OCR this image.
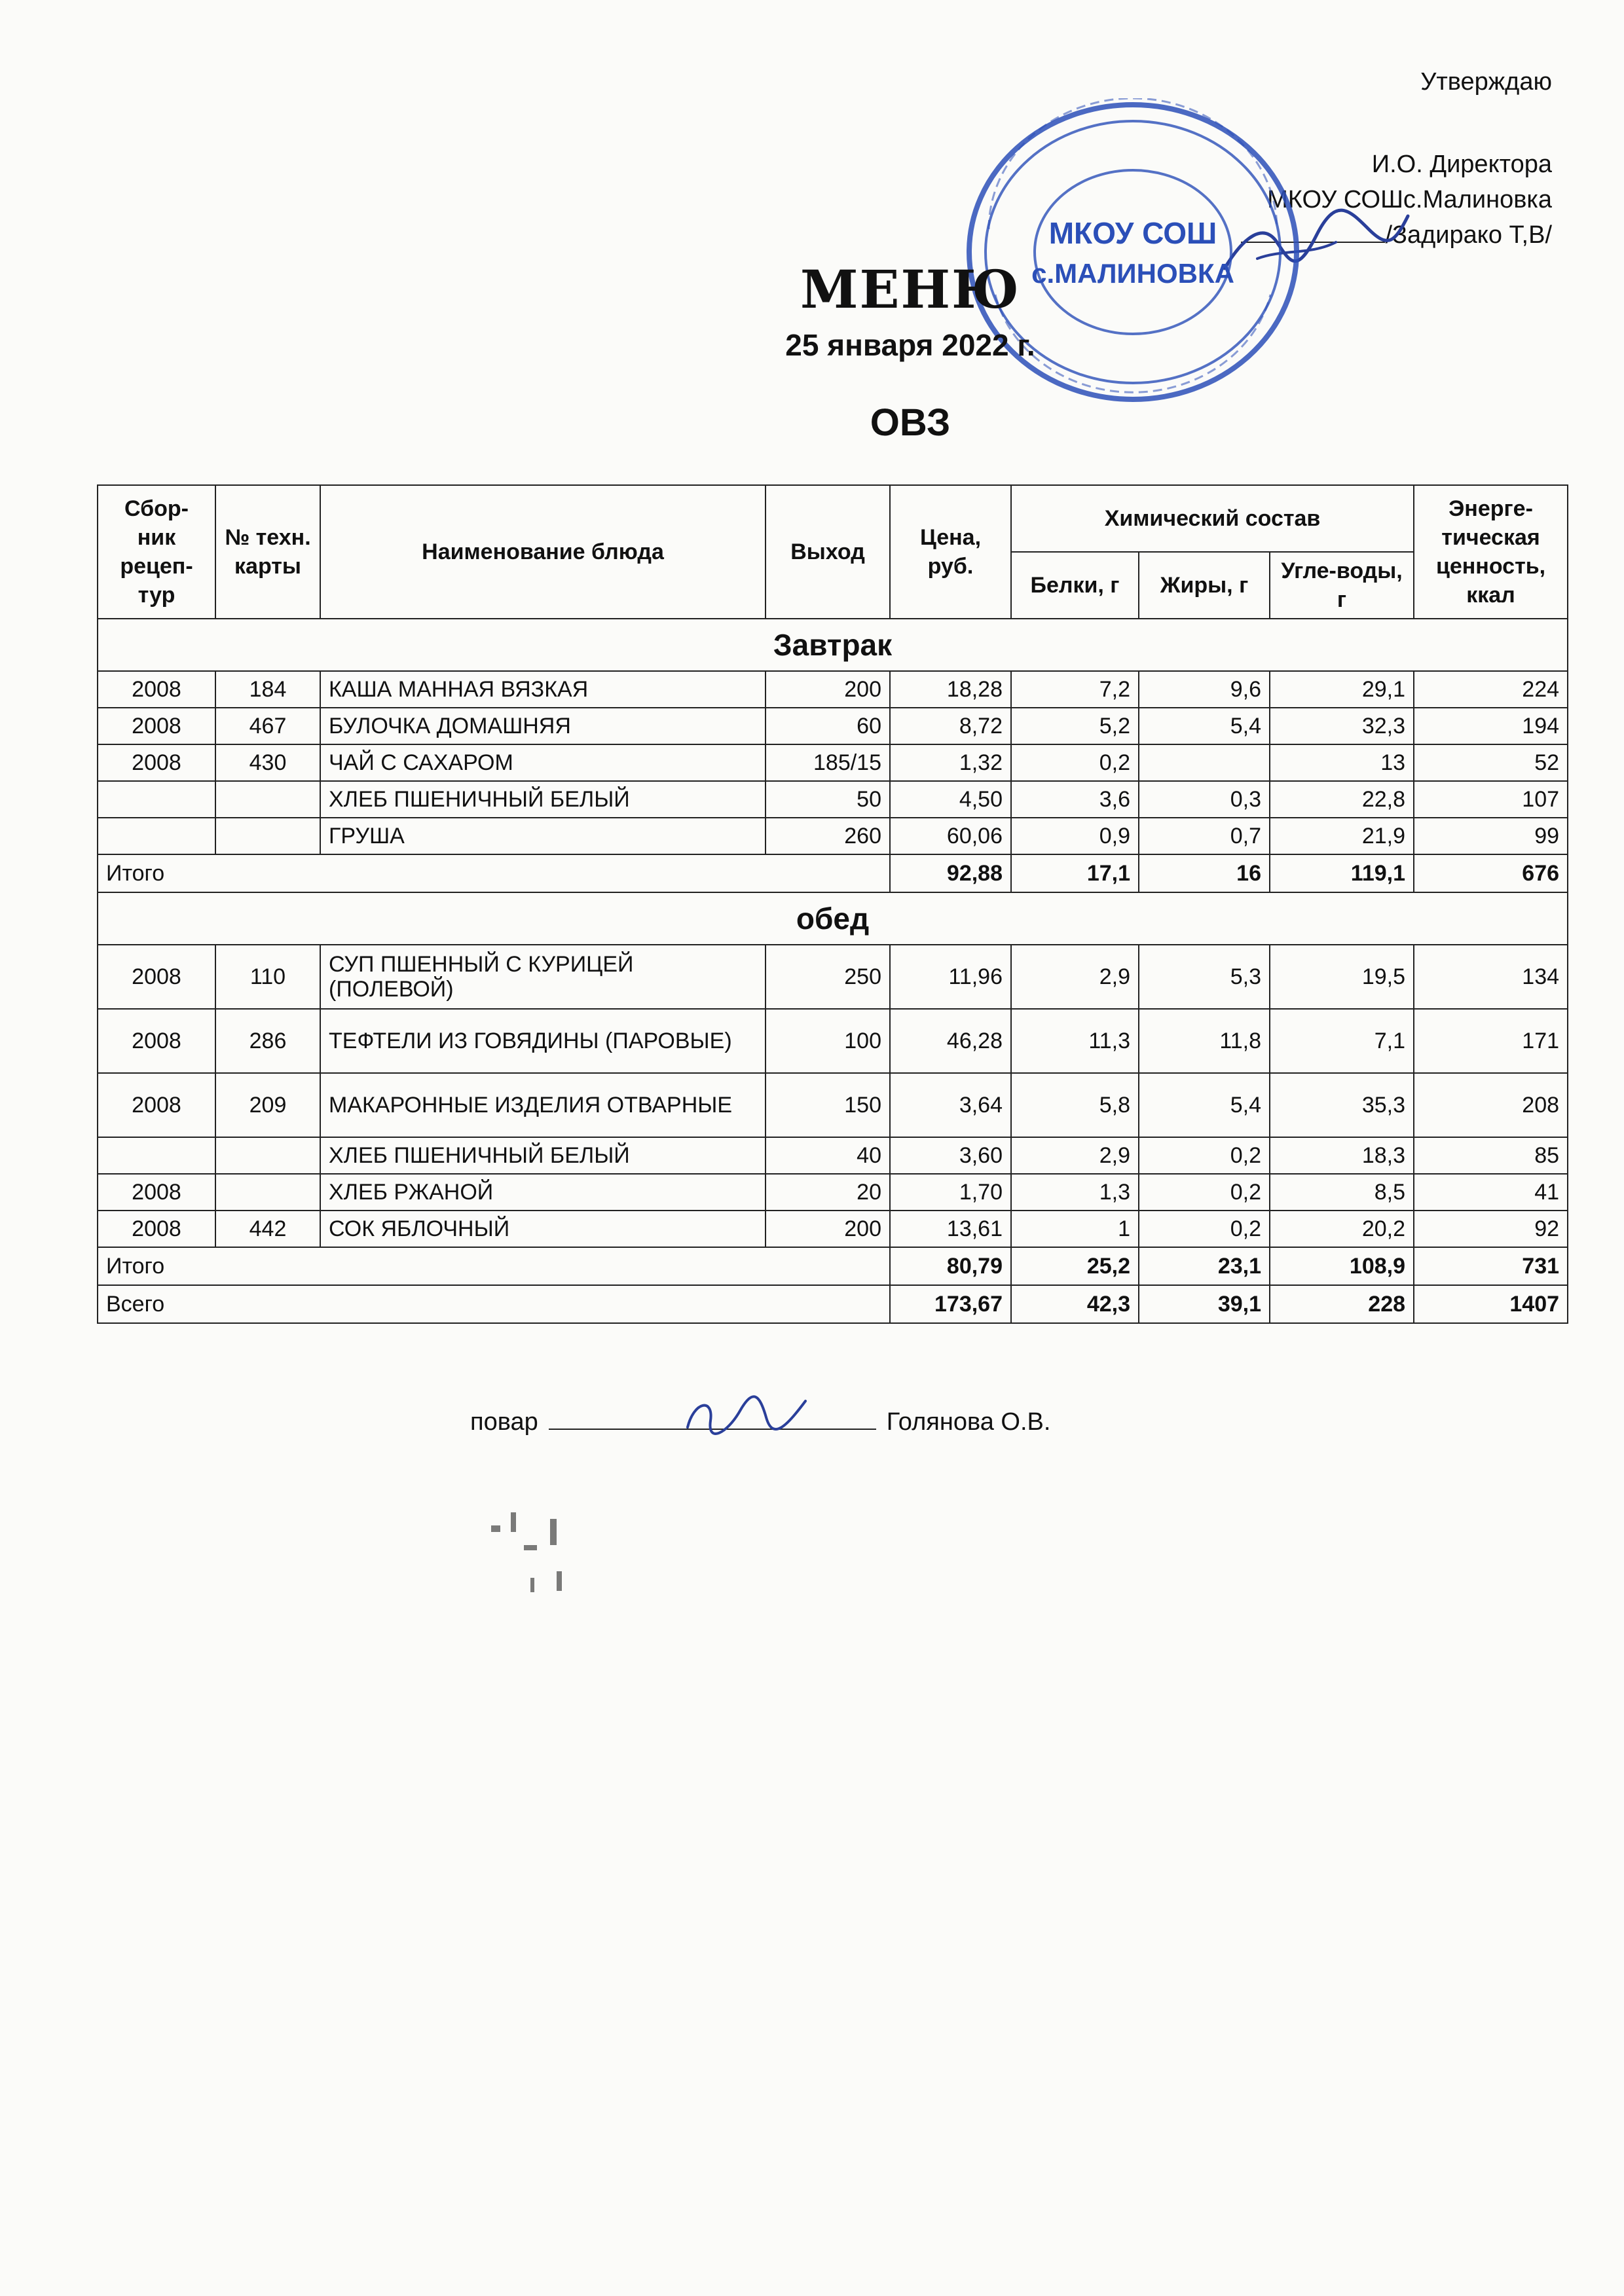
Утверждаю
И.О. Директора
МКОУ СОШс.Малиновка
/Задирако Т,В/
МКОУ СОШ
с.МАЛИНОВКА
МЕНЮ
25 января 2022 г.
ОВЗ
Сбор-ник рецеп-тур	№ техн. карты	Наименование блюда	Выход	Цена, руб.	Химический состав			Энерге-тическая ценность, ккал
					Белки, г	Жиры, г	Угле-воды, г	
Завтрак								
2008	184	КАША МАННАЯ ВЯЗКАЯ	200	18,28	7,2	9,6	29,1	224
2008	467	БУЛОЧКА ДОМАШНЯЯ	60	8,72	5,2	5,4	32,3	194
2008	430	ЧАЙ С САХАРОМ	185/15	1,32	0,2		13	52
		ХЛЕБ ПШЕНИЧНЫЙ БЕЛЫЙ	50	4,50	3,6	0,3	22,8	107
		ГРУША	260	60,06	0,9	0,7	21,9	99
Итого				92,88	17,1	16	119,1	676
обед								
2008	110	СУП ПШЕННЫЙ С КУРИЦЕЙ (ПОЛЕВОЙ)	250	11,96	2,9	5,3	19,5	134
2008	286	ТЕФТЕЛИ ИЗ ГОВЯДИНЫ (ПАРОВЫЕ)	100	46,28	11,3	11,8	7,1	171
2008	209	МАКАРОННЫЕ ИЗДЕЛИЯ ОТВАРНЫЕ	150	3,64	5,8	5,4	35,3	208
		ХЛЕБ ПШЕНИЧНЫЙ БЕЛЫЙ	40	3,60	2,9	0,2	18,3	85
2008		ХЛЕБ РЖАНОЙ	20	1,70	1,3	0,2	8,5	41
2008	442	СОК ЯБЛОЧНЫЙ	200	13,61	1	0,2	20,2	92
Итого				80,79	25,2	23,1	108,9	731
Всего				173,67	42,3	39,1	228	1407
повар	Голянова О.В.
